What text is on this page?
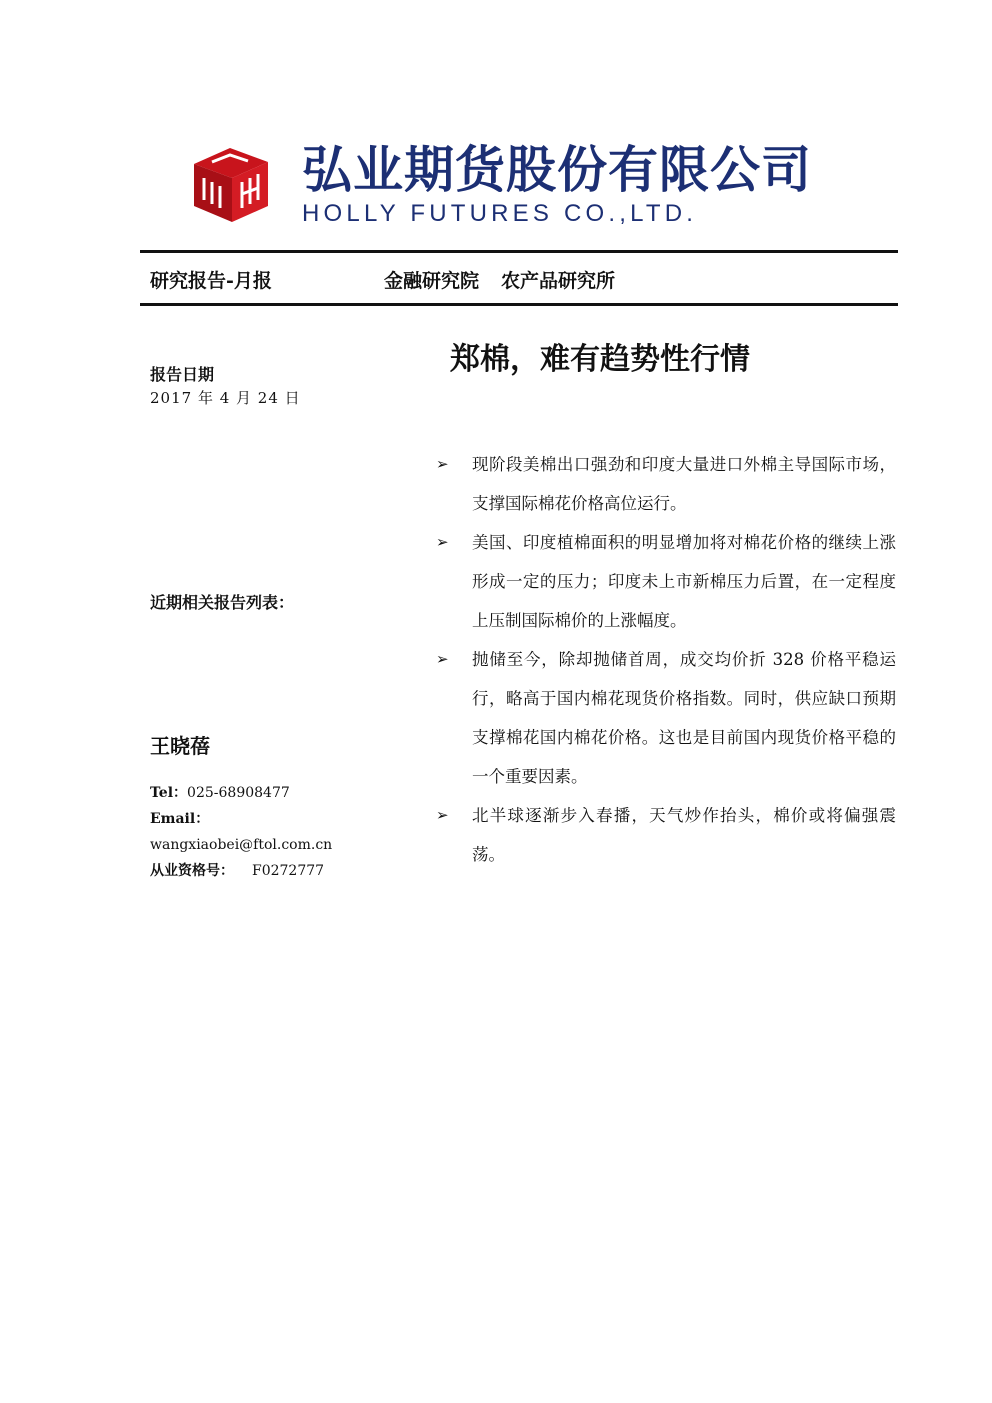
弘业期货股份有限公司
HOLLY FUTURES CO.,LTD.
研究报告-月报	金融研究院 农产品研究所
郑棉，难有趋势性行情
报告日期
2017 年 4 月 24 日
近期相关报告列表：
王晓蓓
Tel：025-68908477
Email：
wangxiaobei@ftol.com.cn
从业资格号： F0272777
➢ 现阶段美棉出口强劲和印度大量进口外棉主导国际市场，支撑国际棉花价格高位运行。
➢ 美国、印度植棉面积的明显增加将对棉花价格的继续上涨形成一定的压力；印度未上市新棉压力后置，在一定程度上压制国际棉价的上涨幅度。
➢ 抛储至今，除却抛储首周，成交均价折 328 价格平稳运行，略高于国内棉花现货价格指数。同时，供应缺口预期支撑棉花国内棉花价格。这也是目前国内现货价格平稳的一个重要因素。
➢ 北半球逐渐步入春播，天气炒作抬头，棉价或将偏强震荡。
